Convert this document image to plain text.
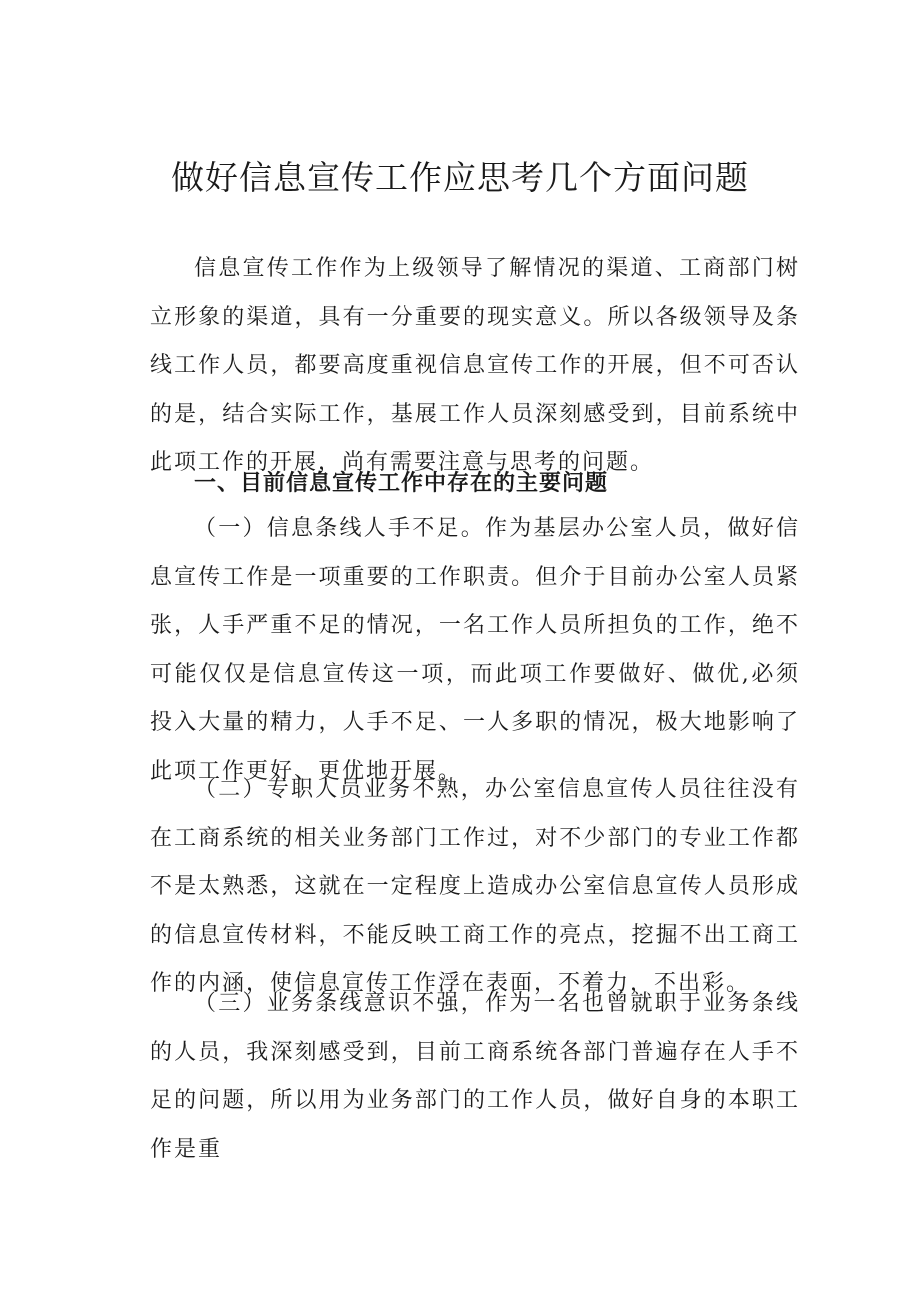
做好信息宣传工作应思考几个方面问题

信息宣传工作作为上级领导了解情况的渠道、工商部门树立形象的渠道，具有一分重要的现实意义。所以各级领导及条线工作人员，都要高度重视信息宣传工作的开展，但不可否认的是，结合实际工作，基展工作人员深刻感受到，目前系统中此项工作的开展，尚有需要注意与思考的问题。

一、目前信息宣传工作中存在的主要问题

（一）信息条线人手不足。作为基层办公室人员，做好信息宣传工作是一项重要的工作职责。但介于目前办公室人员紧张，人手严重不足的情况，一名工作人员所担负的工作，绝不可能仅仅是信息宣传这一项，而此项工作要做好、做优,必须投入大量的精力，人手不足、一人多职的情况，极大地影响了此项工作更好、更优地开展。

（二）专职人员业务不熟，办公室信息宣传人员往往没有在工商系统的相关业务部门工作过，对不少部门的专业工作都不是太熟悉，这就在一定程度上造成办公室信息宣传人员形成的信息宣传材料，不能反映工商工作的亮点，挖掘不出工商工作的内涵，使信息宣传工作浮在表面，不着力，不出彩。

（三）业务条线意识不强，作为一名也曾就职于业务条线的人员，我深刻感受到，目前工商系统各部门普遍存在人手不足的问题，所以用为业务部门的工作人员，做好自身的本职工作是重
